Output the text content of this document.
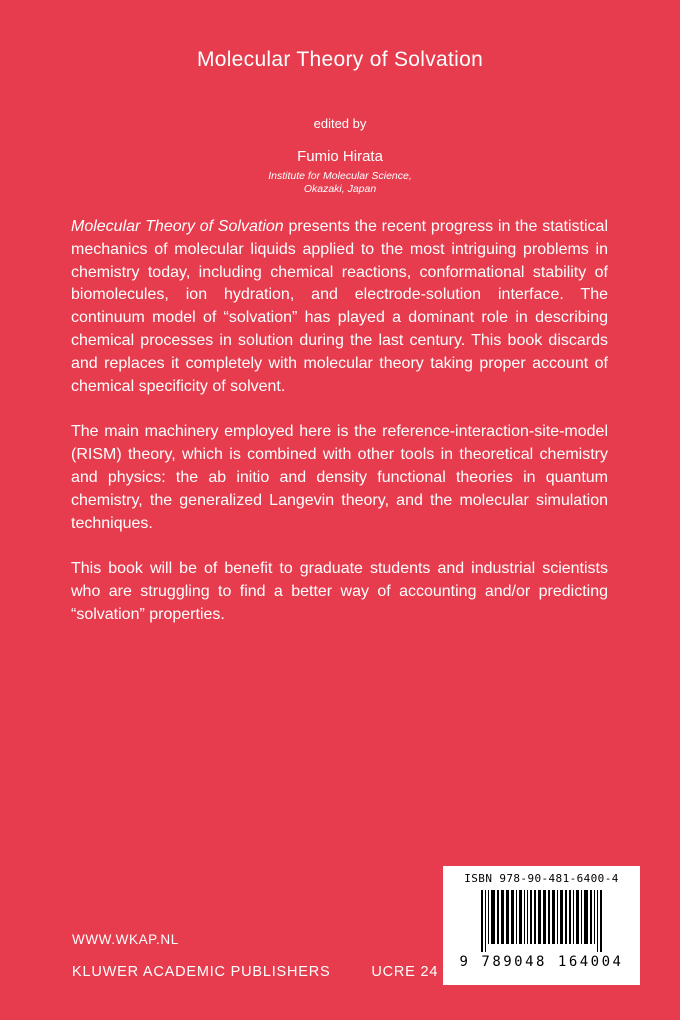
Molecular Theory of Solvation
edited by
Fumio Hirata
Institute for Molecular Science,
Okazaki, Japan

Molecular Theory of Solvation presents the recent progress in the statistical mechanics of molecular liquids applied to the most intriguing problems in chemistry today, including chemical reactions, conformational stability of biomolecules, ion hydration, and electrode-solution interface. The continuum model of “solvation” has played a dominant role in describing chemical processes in solution during the last century. This book discards and replaces it completely with molecular theory taking proper account of chemical specificity of solvent.

The main machinery employed here is the reference-interaction-site-model (RISM) theory, which is combined with other tools in theoretical chemistry and physics: the ab initio and density functional theories in quantum chemistry, the generalized Langevin theory, and the molecular simulation techniques.

This book will be of benefit to graduate students and industrial scientists who are struggling to find a better way of accounting and/or predicting “solvation” properties.

WWW.WKAP.NL
KLUWER ACADEMIC PUBLISHERS	UCRE 24
ISBN 978-90-481-6400-4
9 789048 164004
